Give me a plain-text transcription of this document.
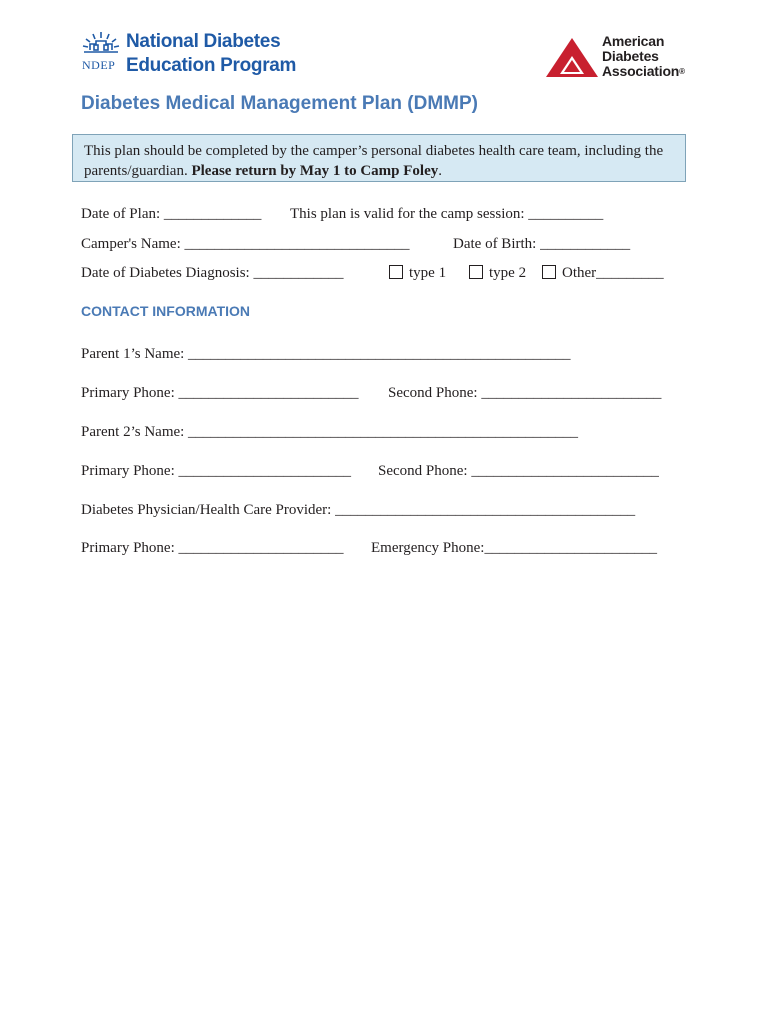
NDEP
National Diabetes
Education Program
American
Diabetes
Association®
Diabetes Medical Management Plan (DMMP)
This plan should be completed by the camper’s personal diabetes health care team, including the parents/guardian. Please return by May 1 to Camp Foley.
Date of Plan: _____________ This plan is valid for the camp session: __________
Camper's Name: ______________________________	Date of Birth: ____________
Date of Diabetes Diagnosis: ____________	type 1	type 2	Other_________
CONTACT INFORMATION
Parent 1’s Name: ___________________________________________________
Primary Phone: ________________________ Second Phone: ________________________
Parent 2’s Name: ____________________________________________________
Primary Phone: _______________________ Second Phone: _________________________
Diabetes Physician/Health Care Provider: ________________________________________
Primary Phone: ______________________ Emergency Phone:_______________________
